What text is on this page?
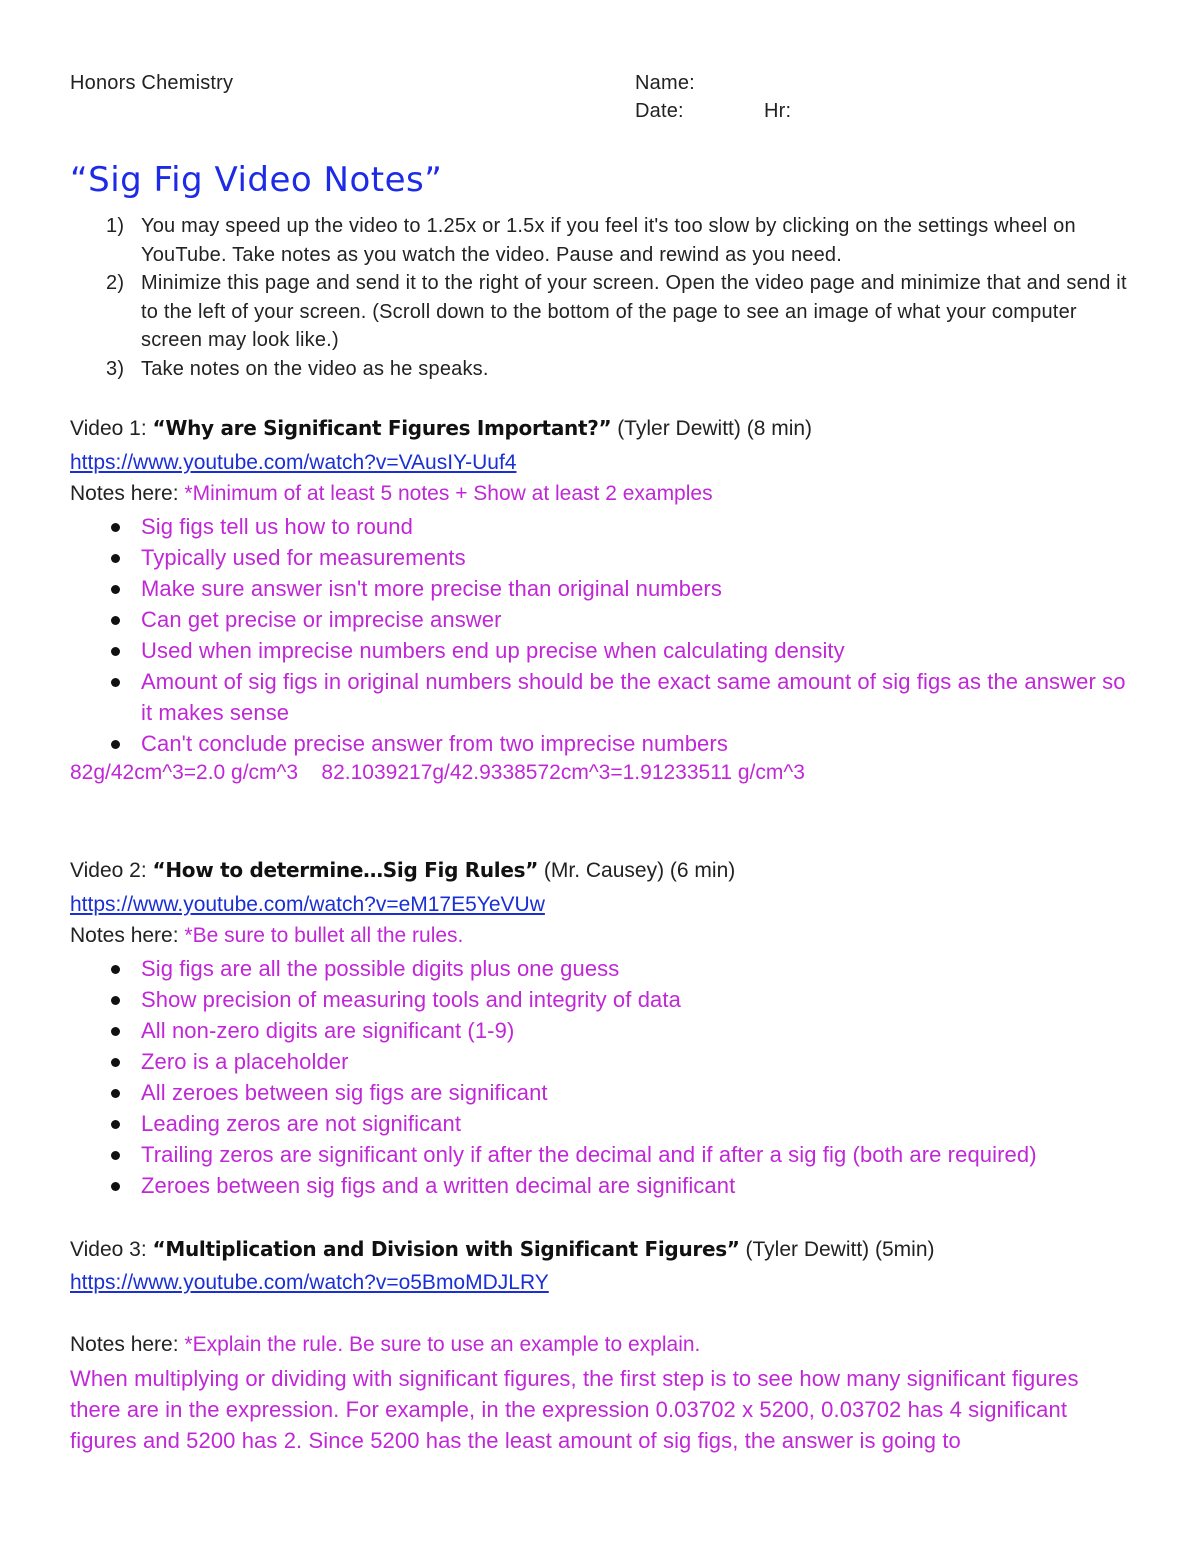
Honors Chemistry	Name:
Date:	Hr:
“Sig Fig Video Notes”
1) You may speed up the video to 1.25x or 1.5x if you feel it's too slow by clicking on the settings wheel on YouTube. Take notes as you watch the video. Pause and rewind as you need.
2) Minimize this page and send it to the right of your screen. Open the video page and minimize that and send it to the left of your screen. (Scroll down to the bottom of the page to see an image of what your computer screen may look like.)
3) Take notes on the video as he speaks.
Video 1: “Why are Significant Figures Important?” (Tyler Dewitt) (8 min)
https://www.youtube.com/watch?v=VAusIY-Uuf4
Notes here: *Minimum of at least 5 notes + Show at least 2 examples
Sig figs tell us how to round
Typically used for measurements
Make sure answer isn't more precise than original numbers
Can get precise or imprecise answer
Used when imprecise numbers end up precise when calculating density
Amount of sig figs in original numbers should be the exact same amount of sig figs as the answer so it makes sense
Can't conclude precise answer from two imprecise numbers
82g/42cm^3=2.0 g/cm^3    82.1039217g/42.9338572cm^3=1.91233511 g/cm^3
Video 2: “How to determine…Sig Fig Rules” (Mr. Causey) (6 min)
https://www.youtube.com/watch?v=eM17E5YeVUw
Notes here: *Be sure to bullet all the rules.
Sig figs are all the possible digits plus one guess
Show precision of measuring tools and integrity of data
All non-zero digits are significant (1-9)
Zero is a placeholder
All zeroes between sig figs are significant
Leading zeros are not significant
Trailing zeros are significant only if after the decimal and if after a sig fig (both are required)
Zeroes between sig figs and a written decimal are significant
Video 3: “Multiplication and Division with Significant Figures” (Tyler Dewitt) (5min)
https://www.youtube.com/watch?v=o5BmoMDJLRY
Notes here: *Explain the rule. Be sure to use an example to explain.
When multiplying or dividing with significant figures, the first step is to see how many significant figures there are in the expression. For example, in the expression 0.03702 x 5200, 0.03702 has 4 significant figures and 5200 has 2. Since 5200 has the least amount of sig figs, the answer is going to
